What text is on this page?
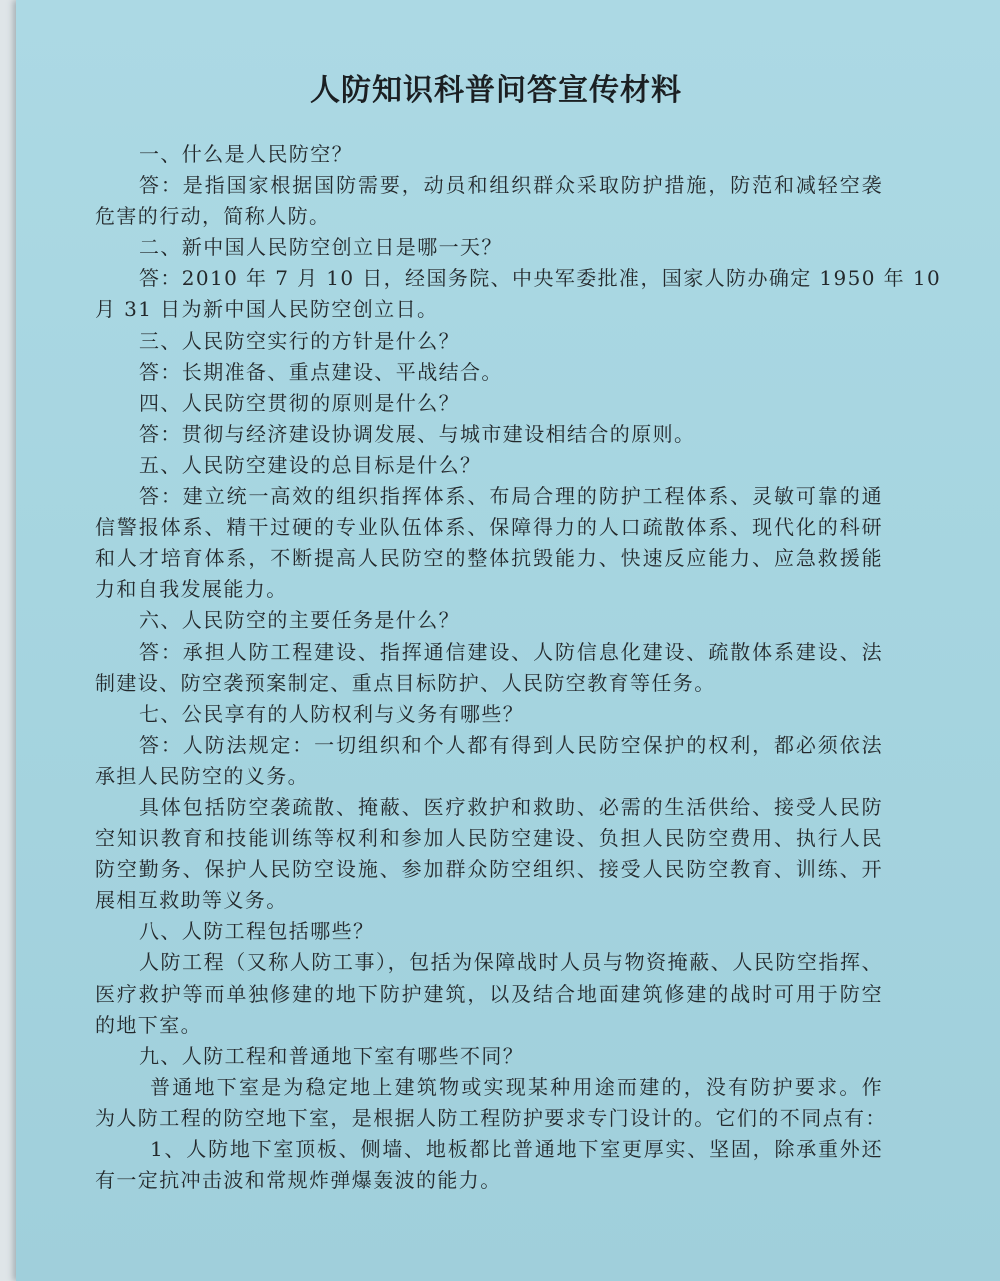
人防知识科普问答宣传材料
一、什么是人民防空？
答：是指国家根据国防需要，动员和组织群众采取防护措施，防范和减轻空袭
危害的行动，简称人防。
二、新中国人民防空创立日是哪一天？
答：2010 年 7 月 10 日，经国务院、中央军委批准，国家人防办确定 1950 年 10
月 31 日为新中国人民防空创立日。
三、人民防空实行的方针是什么？
答：长期准备、重点建设、平战结合。
四、人民防空贯彻的原则是什么？
答：贯彻与经济建设协调发展、与城市建设相结合的原则。
五、人民防空建设的总目标是什么？
答：建立统一高效的组织指挥体系、布局合理的防护工程体系、灵敏可靠的通
信警报体系、精干过硬的专业队伍体系、保障得力的人口疏散体系、现代化的科研
和人才培育体系，不断提高人民防空的整体抗毁能力、快速反应能力、应急救援能
力和自我发展能力。
六、人民防空的主要任务是什么？
答：承担人防工程建设、指挥通信建设、人防信息化建设、疏散体系建设、法
制建设、防空袭预案制定、重点目标防护、人民防空教育等任务。
七、公民享有的人防权利与义务有哪些？
答：人防法规定：一切组织和个人都有得到人民防空保护的权利，都必须依法
承担人民防空的义务。
具体包括防空袭疏散、掩蔽、医疗救护和救助、必需的生活供给、接受人民防
空知识教育和技能训练等权利和参加人民防空建设、负担人民防空费用、执行人民
防空勤务、保护人民防空设施、参加群众防空组织、接受人民防空教育、训练、开
展相互救助等义务。
八、人防工程包括哪些？
人防工程（又称人防工事），包括为保障战时人员与物资掩蔽、人民防空指挥、
医疗救护等而单独修建的地下防护建筑，以及结合地面建筑修建的战时可用于防空
的地下室。
九、人防工程和普通地下室有哪些不同？
普通地下室是为稳定地上建筑物或实现某种用途而建的，没有防护要求。作
为人防工程的防空地下室，是根据人防工程防护要求专门设计的。它们的不同点有：
1、人防地下室顶板、侧墙、地板都比普通地下室更厚实、坚固，除承重外还
有一定抗冲击波和常规炸弹爆轰波的能力。
